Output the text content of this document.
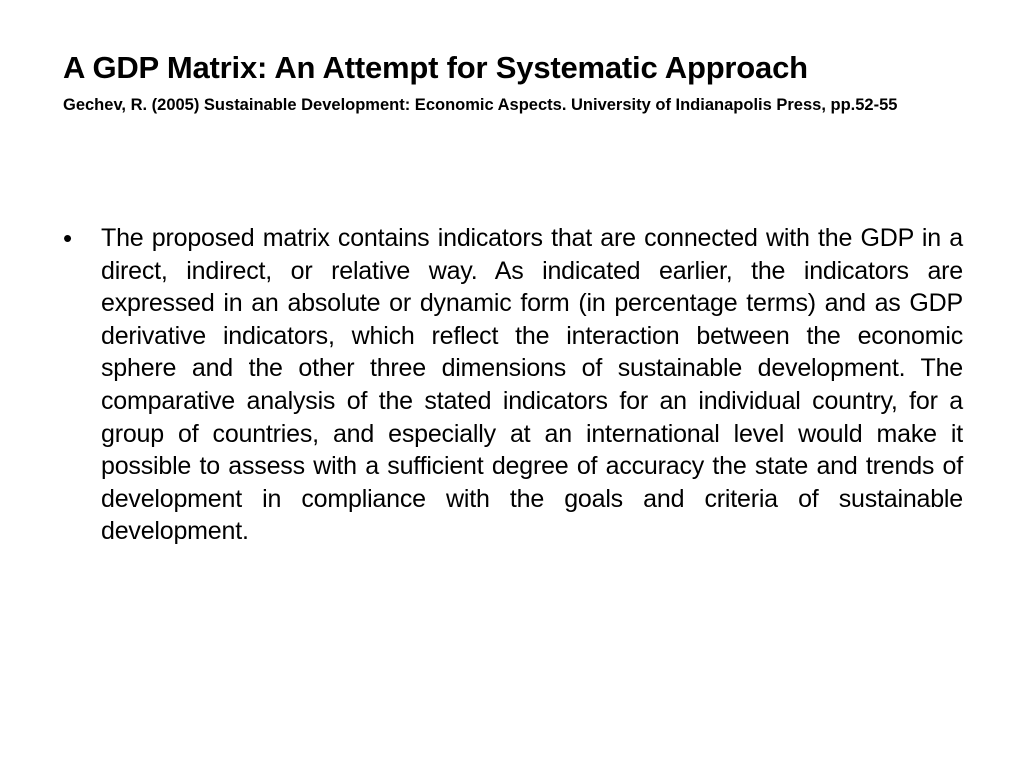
A GDP Matrix: An Attempt for Systematic Approach

Gechev, R. (2005) Sustainable Development: Economic Aspects. University of Indianapolis Press, pp.52-55

• The proposed matrix contains indicators that are connected with the GDP in a direct, indirect, or relative way. As indicated earlier, the indicators are expressed in an absolute or dynamic form (in percentage terms) and as GDP derivative indicators, which reflect the interaction between the economic sphere and the other three dimensions of sustainable development. The comparative analysis of the stated indicators for an individual country, for a group of countries, and especially at an international level would make it possible to assess with a sufficient degree of accuracy the state and trends of development in compliance with the goals and criteria of sustainable development.
